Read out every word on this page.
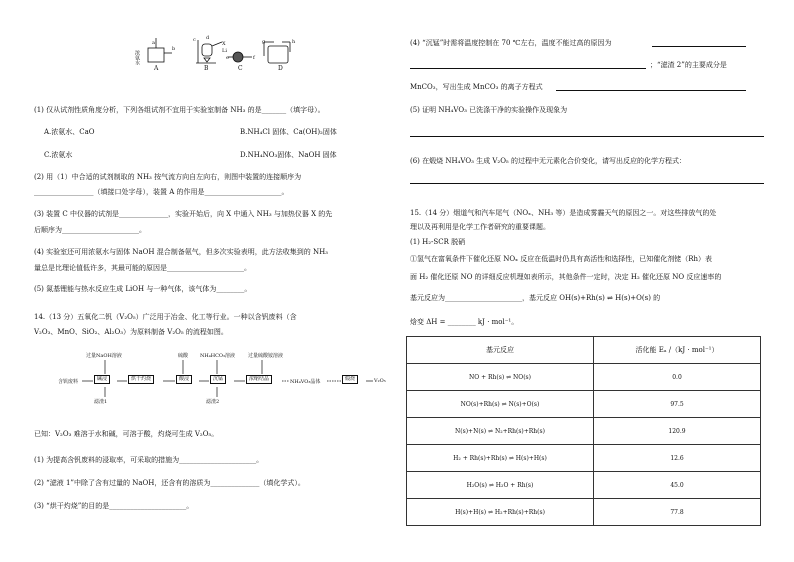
a
b
c d
X
Li
e	f
g	h
浓氨水
A	B	C	D
(1) 仅从试剂性质角度分析，下列各组试剂不宜用于实验室制备 NH₃ 的是_______（填字母）。
A.浓氨水、CaO	B.NH₄Cl 固体、Ca(OH)₂固体
C.浓氨水	D.NH₄NO₃固体、NaOH 固体
(2) 用（1）中合适的试剂制取的 NH₃ 按气流方向自左向右，则图中装置的连接顺序为
_________________（填接口处字母），装置 A 的作用是______________________。
(3) 装置 C 中仪器的试剂是______________，实验开始后，向 X 中通入 NH₃ 与加热仪器 X 的先
后顺序为______________________。
(4) 实验室还可用浓氨水与固体 NaOH 混合制备氨气，但多次实验表明，此方法收集到的 NH₃
量总是比理论值低许多，其最可能的原因是______________________。
(5) 氮基锂能与热水反应生成 LiOH 与一种气体，该气体为________。
14.（13 分）五氧化二钒（V₂O₅）广泛用于冶金、化工等行业。一种以含钒废料（含
V₂O₃、MnO、SiO₂、Al₂O₃）为原料制备 V₂O₅ 的流程如图。
过量NaOH溶液	硫酸 NH₄HCO₃溶液	过量硫酸铵溶液
含钒废料	碱浸	烘干灼烧	酸浸	沉锰	浓缩结晶	NH₄VO₃晶体	煅烧	V₂O₅
滤渣1	滤渣2
已知：V₂O₃ 难溶于水和碱，可溶于酸，灼烧可生成 V₂O₅。
(1) 为提高含钒废料的浸取率，可采取的措施为______________________。
(2) “滤液 1”中除了含有过量的 NaOH，还含有的溶质为______________（填化学式）。
(3) “烘干灼烧”的目的是______________________。
(4) “沉锰”时需将温度控制在 70 ℃左右，温度不能过高的原因为
；“滤渣 2”的主要成分是
MnCO₃，写出生成 MnCO₃ 的离子方程式
(5) 证明 NH₄VO₃ 已洗涤干净的实验操作及现象为
(6) 在煅烧 NH₄VO₃ 生成 V₂O₅ 的过程中无元素化合价变化，请写出反应的化学方程式：
15.（14 分）烟道气和汽车尾气（NOₓ、NH₃ 等）是造成雾霾天气的原因之一。对这些排放气的处
理以及再利用是化学工作者研究的重要课题。
(1) H₂-SCR 脱硝
①氢气在富氧条件下催化还原 NOₓ 反应在低温时仍具有高活性和选择性，已知催化剂铑（Rh）表
面 H₂ 催化还原 NO 的详细反应机理如表所示，其他条件一定时，决定 H₂ 催化还原 NO 反应速率的
基元反应为______________________，基元反应 OH(s)+Rh(s) ⇌ H(s)+O(s) 的
焓变 ΔH = ________ kJ · mol⁻¹。
基元反应	活化能 Eₐ /（kJ · mol⁻¹）
NO + Rh(s) ⇌ NO(s)	0.0
NO(s)+Rh(s) ⇌ N(s)+O(s)	97.5
N(s)+N(s) ⇌ N₂+Rh(s)+Rh(s)	120.9
H₂ + Rh(s)+Rh(s) ⇌ H(s)+H(s)	12.6
H₂O(s) ⇌ H₂O + Rh(s)	45.0
H(s)+H(s) ⇌ H₂+Rh(s)+Rh(s)	77.8
